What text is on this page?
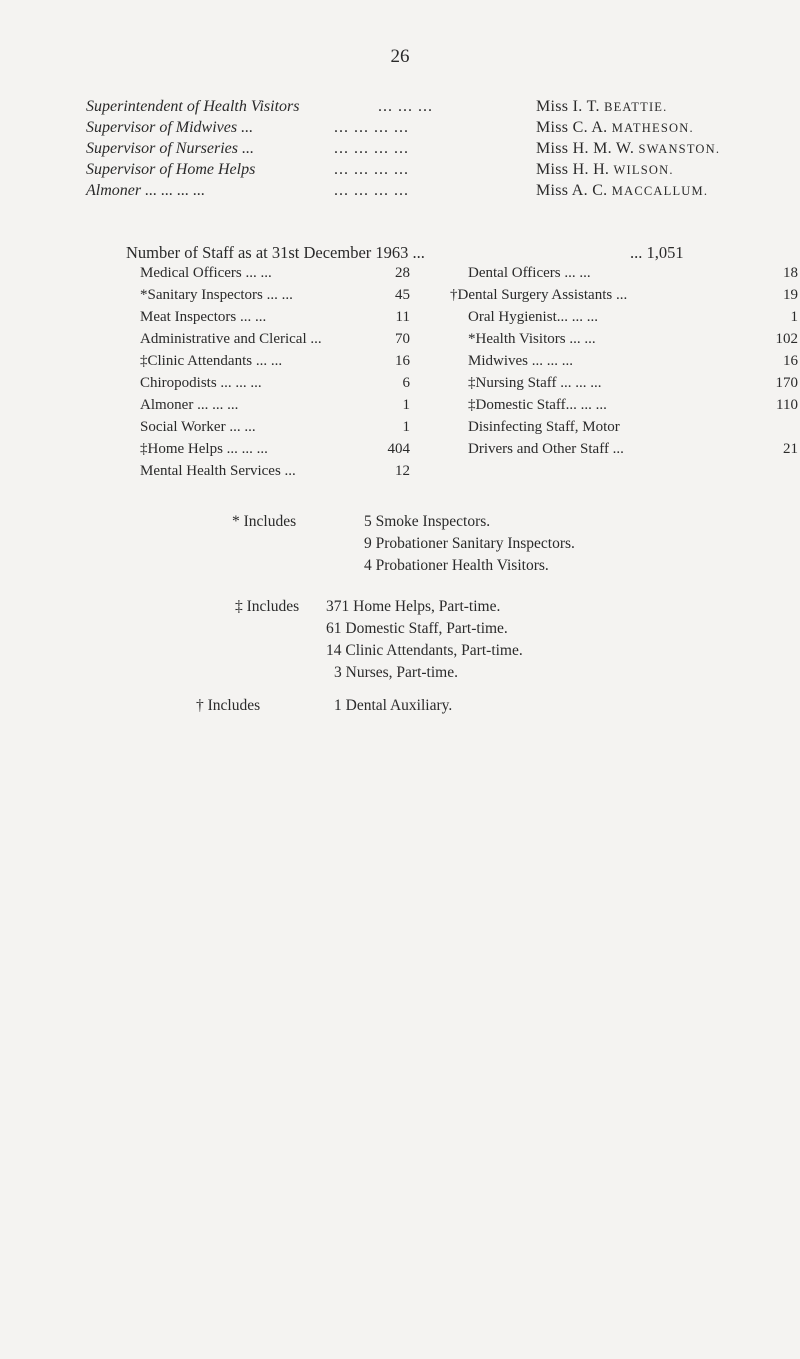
26
Superintendent of Health Visitors	... ... ...	Miss I. T. BEATTIE.
Supervisor of Midwives ...	... ... ... ...	Miss C. A. MATHESON.
Supervisor of Nurseries ...	... ... ... ...	Miss H. M. W. SWANSTON.
Supervisor of Home Helps	... ... ... ...	Miss H. H. WILSON.
Almoner ... ... ... ...	... ... ... ...	Miss A. C. MACCALLUM.
Number of Staff as at 31st December 1963 ...	... 1,051
Medical Officers ... ...	28
*Sanitary Inspectors ... ...	45
Meat Inspectors ... ...	11
Administrative and Clerical ...	70
‡Clinic Attendants ... ...	16
Chiropodists ... ... ...	6
Almoner ... ... ...	1
Social Worker ... ...	1
‡Home Helps ... ... ...	404
Mental Health Services ...	12
Dental Officers ... ...	18
†Dental Surgery Assistants ...	19
Oral Hygienist... ... ...	1
*Health Visitors ... ...	102
Midwives ... ... ...	16
‡Nursing Staff ... ... ...	170
‡Domestic Staff... ... ...	110
Disinfecting Staff, Motor
Drivers and Other Staff ...	21
* Includes	5 Smoke Inspectors.
9 Probationer Sanitary Inspectors.
4 Probationer Health Visitors.
‡ Includes 371 Home Helps, Part-time.
61 Domestic Staff, Part-time.
14 Clinic Attendants, Part-time.
3 Nurses, Part-time.
† Includes	1 Dental Auxiliary.
